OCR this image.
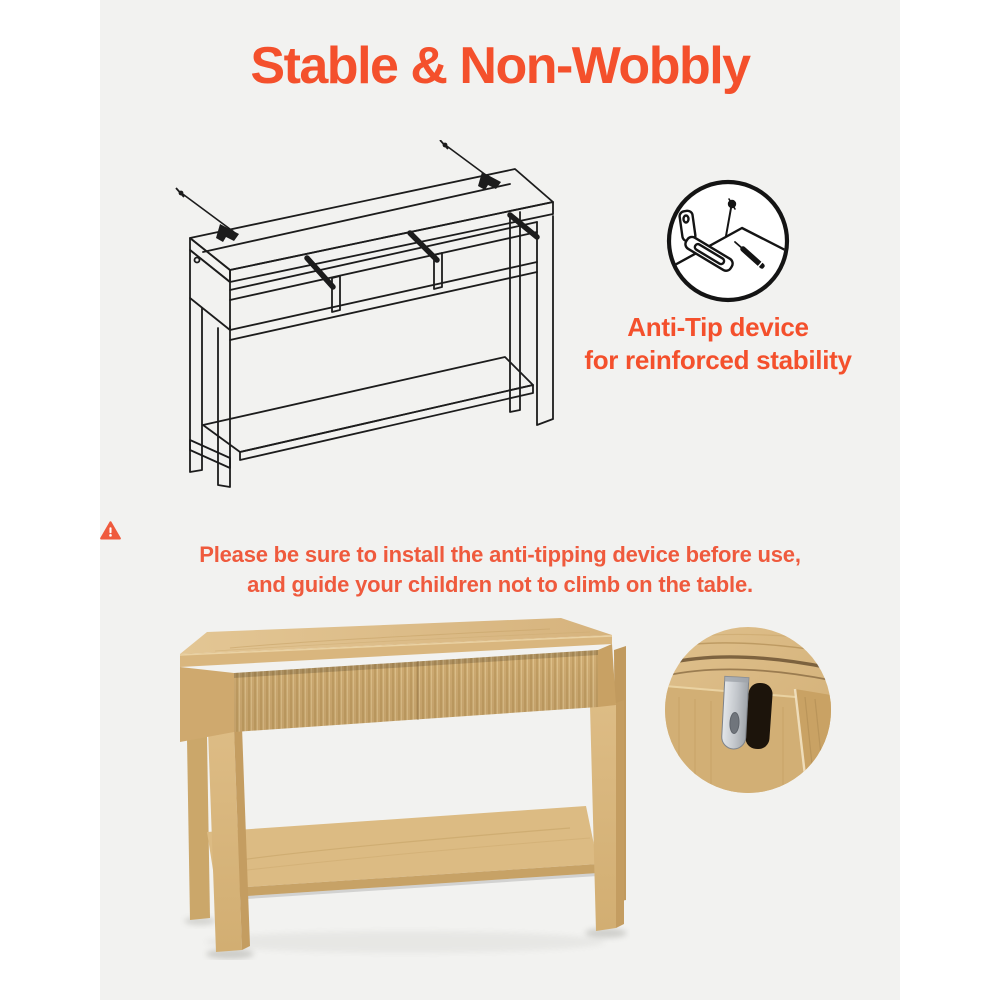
Stable & Non-Wobbly
Anti-Tip device
for reinforced stability
Please be sure to install the anti-tipping device before use,
and guide your children not to climb on the table.
